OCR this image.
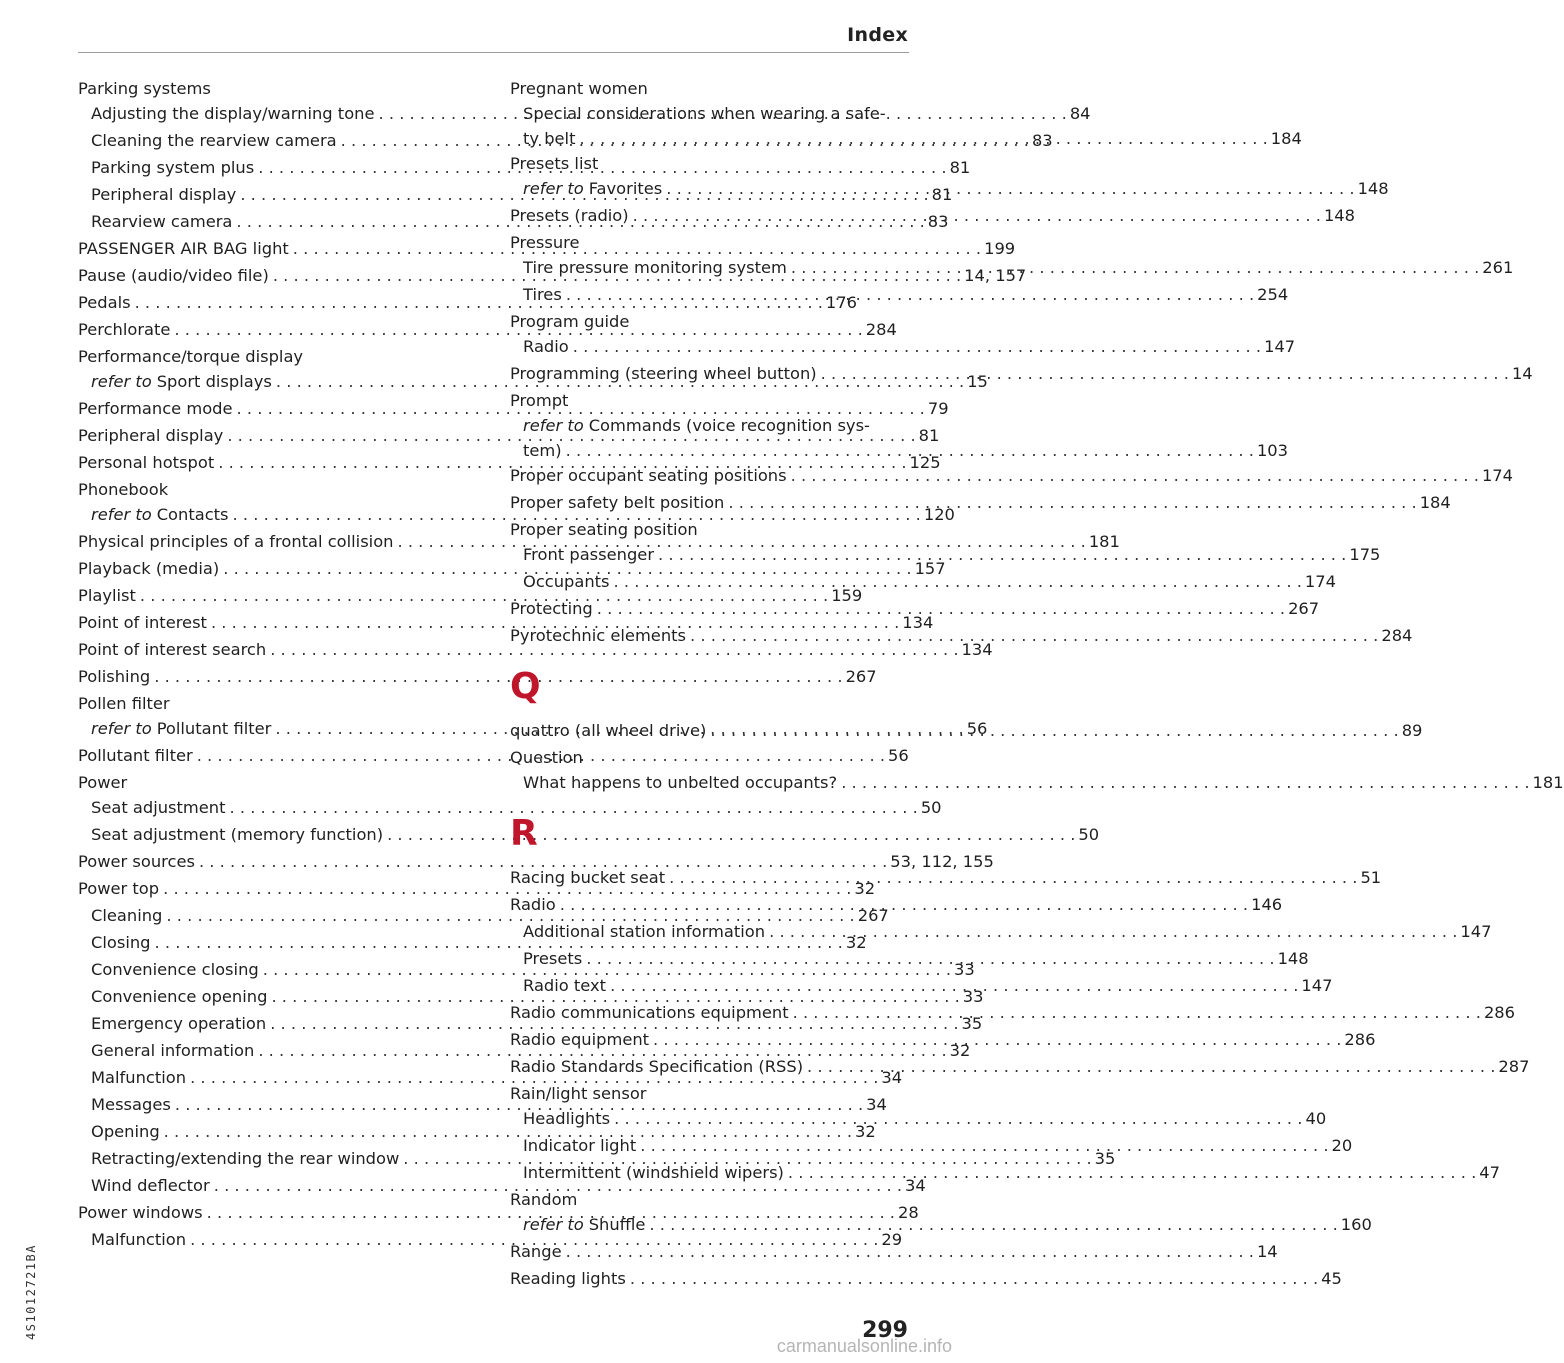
Index
Parking systems
Adjusting the display/warning tone . . .	84
Cleaning the rearview camera . . .	83
Parking system plus . . .	81
Peripheral display . . .	81
Rearview camera . . .	83
PASSENGER AIR BAG light . . .	199
Pause (audio/video file) . . .	14, 157
Pedals . . .	176
Perchlorate . . .	284
Performance/torque display
refer to Sport displays . . .	15
Performance mode . . .	79
Peripheral display . . .	81
Personal hotspot . . .	125
Phonebook
refer to Contacts . . .	120
Physical principles of a frontal collision . . .	181
Playback (media) . . .	157
Playlist . . .	159
Point of interest . . .	134
Point of interest search . . .	134
Polishing . . .	267
Pollen filter
refer to Pollutant filter . . .	56
Pollutant filter . . .	56
Power
Seat adjustment . . .	50
Seat adjustment (memory function) . . .	50
Power sources . . .	53, 112, 155
Power top . . .	32
Cleaning . . .	267
Closing . . .	32
Convenience closing . . .	33
Convenience opening . . .	33
Emergency operation . . .	35
General information . . .	32
Malfunction . . .	34
Messages . . .	34
Opening . . .	32
Retracting/extending the rear window . . .	35
Wind deflector . . .	34
Power windows . . .	28
Malfunction . . .	29
Pregnant women
Special considerations when wearing a safe-
ty belt . . .	184
Presets list
refer to Favorites . . .	148
Presets (radio) . . .	148
Pressure
Tire pressure monitoring system . . .	261
Tires . . .	254
Program guide
Radio . . .	147
Programming (steering wheel button) . . .	14
Prompt
refer to Commands (voice recognition sys-
tem) . . .	103
Proper occupant seating positions . . .	174
Proper safety belt position . . .	184
Proper seating position
Front passenger . . .	175
Occupants . . .	174
Protecting . . .	267
Pyrotechnic elements . . .	284
Q
quattro (all wheel drive) . . .	89
Question
What happens to unbelted occupants? . . .	181
R
Racing bucket seat . . .	51
Radio . . .	146
Additional station information . . .	147
Presets . . .	148
Radio text . . .	147
Radio communications equipment . . .	286
Radio equipment . . .	286
Radio Standards Specification (RSS) . . .	287
Rain/light sensor
Headlights . . .	40
Indicator light . . .	20
Intermittent (windshield wipers) . . .	47
Random
refer to Shuffle . . .	160
Range . . .	14
Reading lights . . .	45
4S1012721BA	299
carmanualsonline.info
